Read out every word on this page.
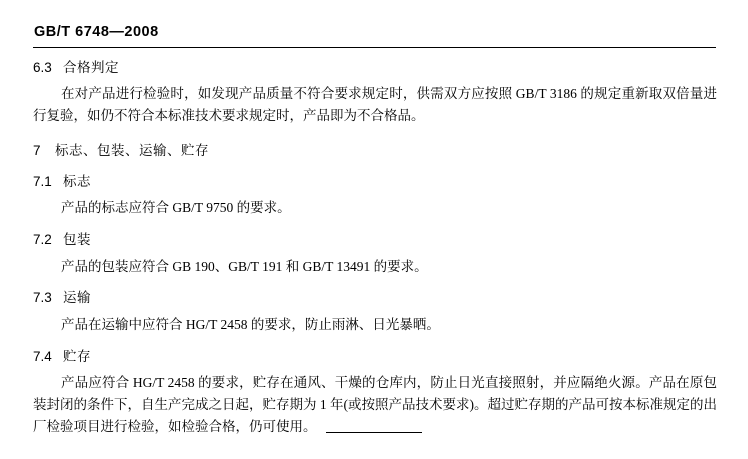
GB/T 6748—2008
6.3 合格判定

在对产品进行检验时，如发现产品质量不符合要求规定时，供需双方应按照 GB/T 3186 的规定重新取双倍量进行复验，如仍不符合本标准技术要求规定时，产品即为不合格品。

7 标志、包装、运输、贮存
7.1 标志

产品的标志应符合 GB/T 9750 的要求。

7.2 包装

产品的包装应符合 GB 190、GB/T 191 和 GB/T 13491 的要求。

7.3 运输

产品在运输中应符合 HG/T 2458 的要求，防止雨淋、日光暴晒。

7.4 贮存

产品应符合 HG/T 2458 的要求，贮存在通风、干燥的仓库内，防止日光直接照射，并应隔绝火源。产品在原包装封闭的条件下，自生产完成之日起，贮存期为 1 年(或按照产品技术要求)。超过贮存期的产品可按本标准规定的出厂检验项目进行检验，如检验合格，仍可使用。
